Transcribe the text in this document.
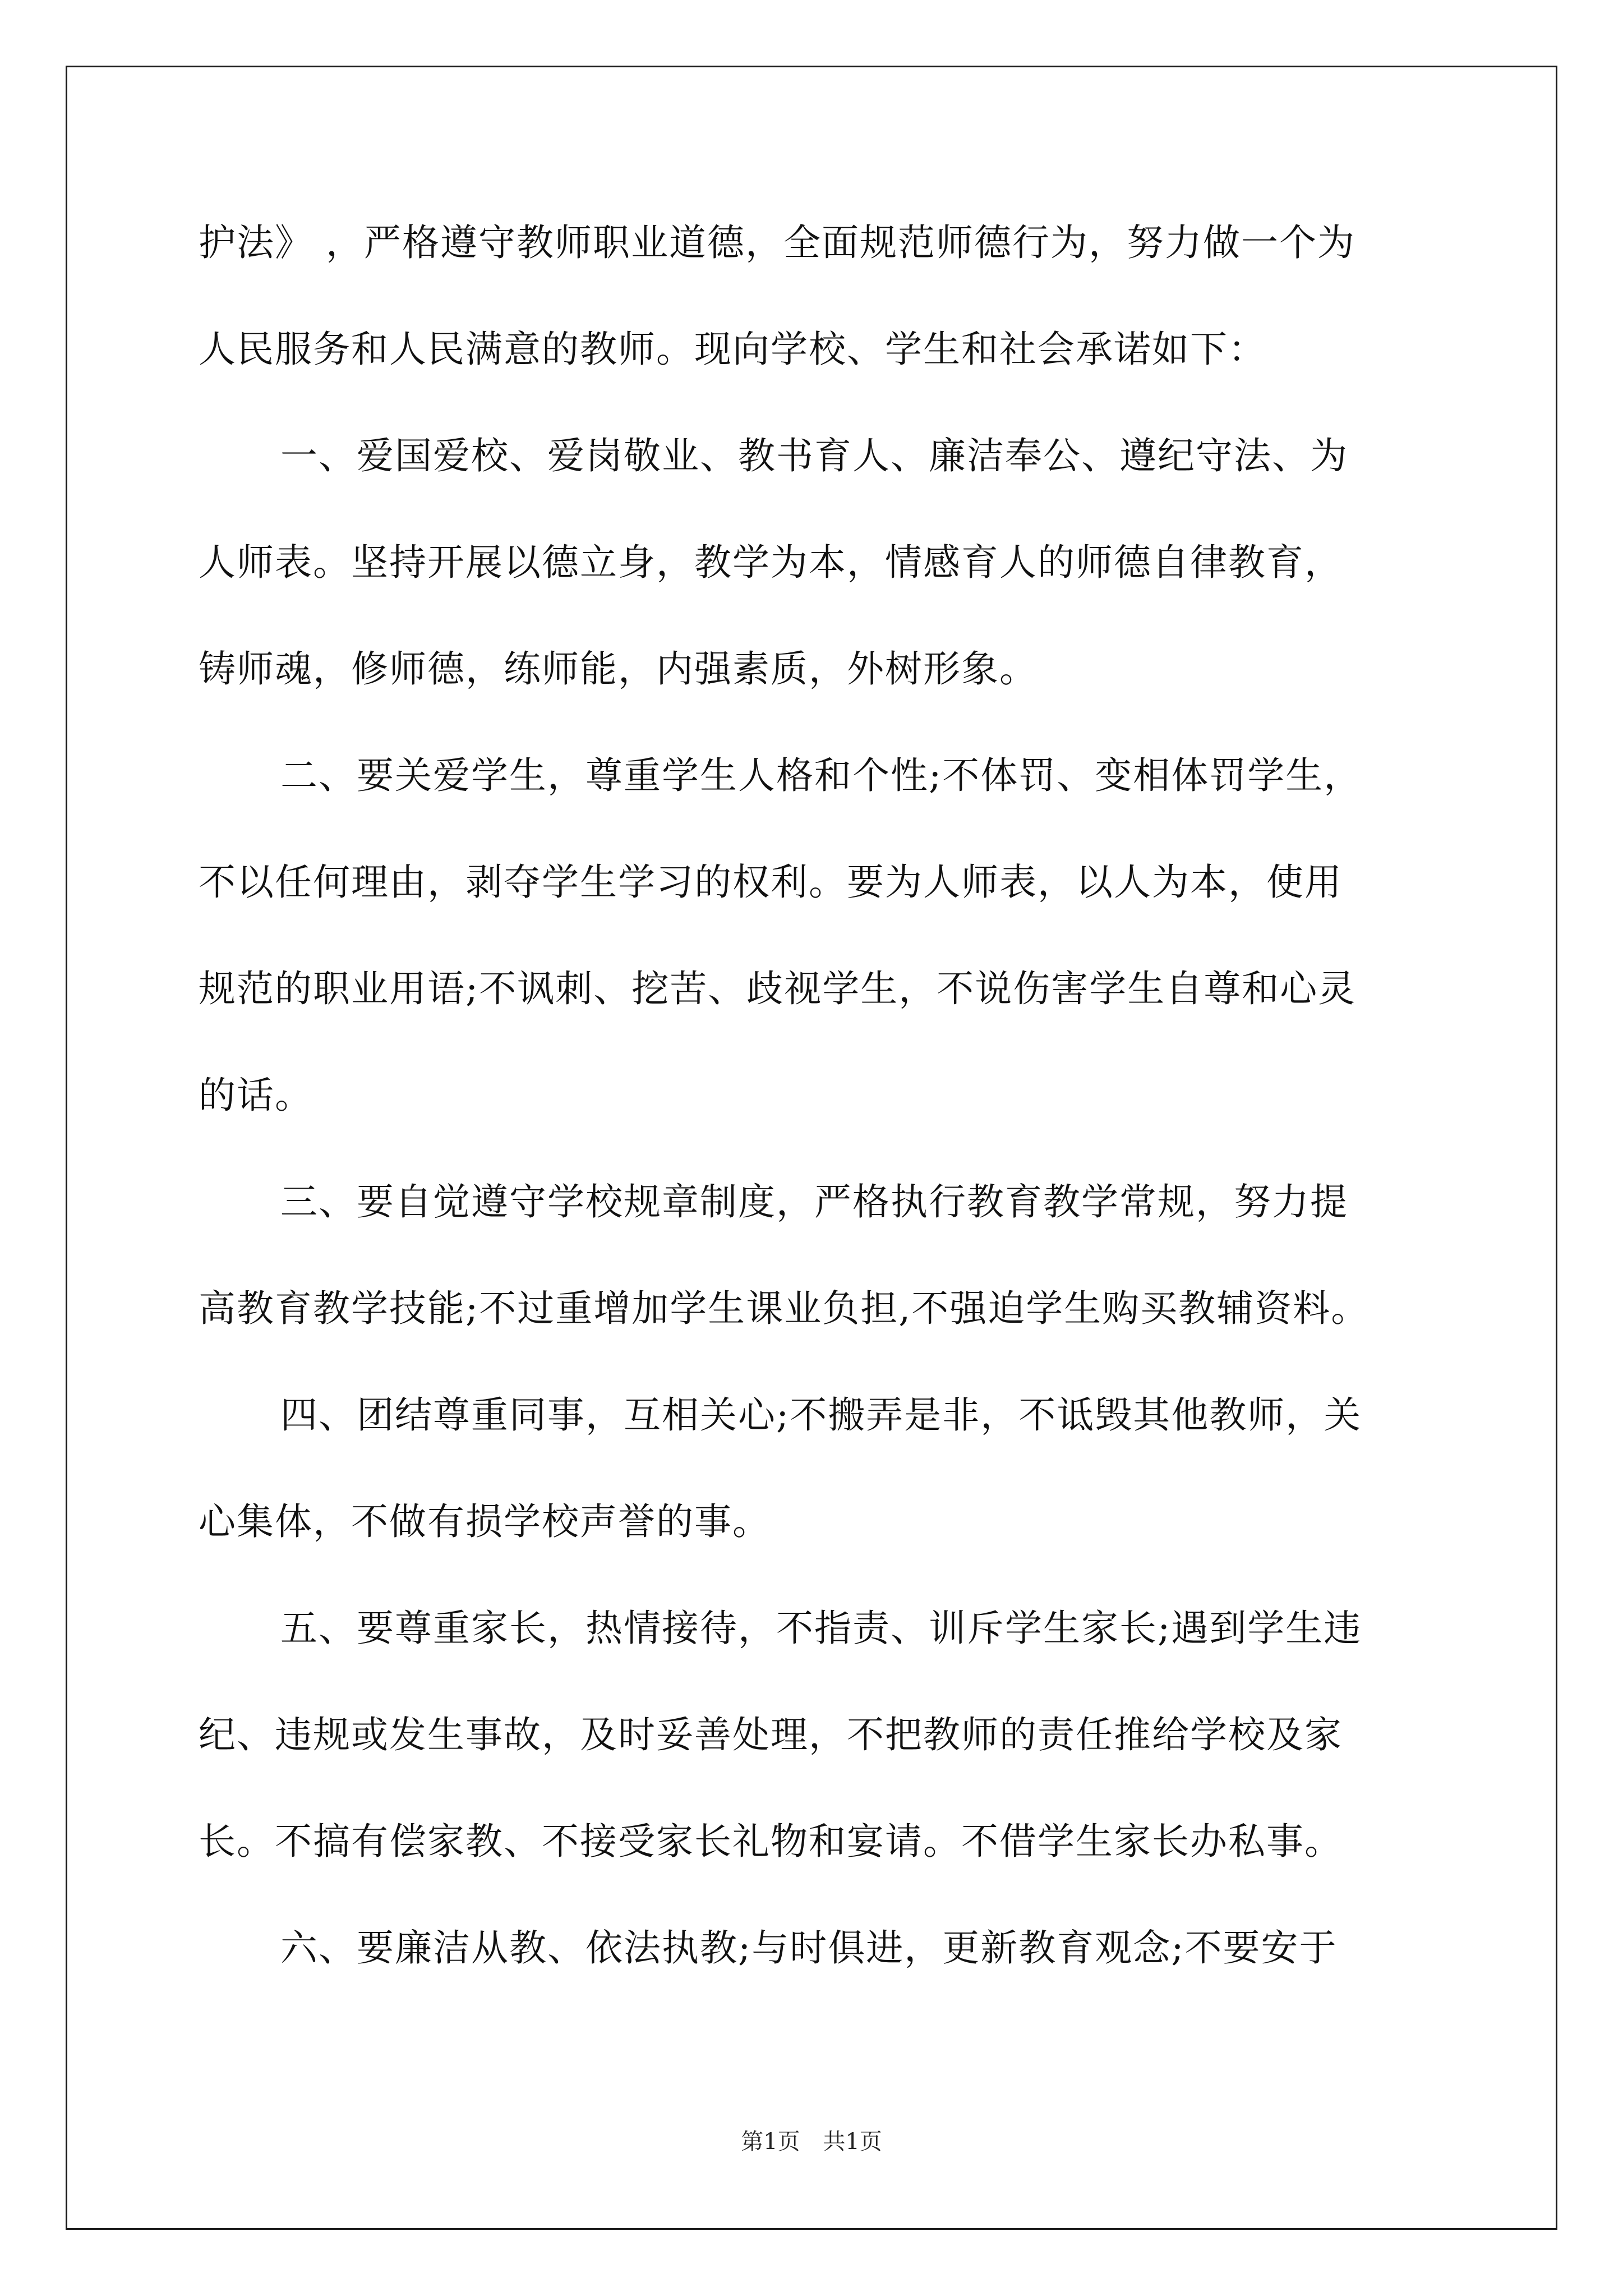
护法》 ，严格遵守教师职业道德，全面规范师德行为，努力做一个为
人民服务和人民满意的教师。现向学校、学生和社会承诺如下：
一、爱国爱校、爱岗敬业、教书育人、廉洁奉公、遵纪守法、为
人师表。坚持开展以德立身，教学为本，情感育人的师德自律教育，
铸师魂，修师德，练师能，内强素质，外树形象。
二、要关爱学生，尊重学生人格和个性;不体罚、变相体罚学生，
不以任何理由，剥夺学生学习的权利。要为人师表，以人为本，使用
规范的职业用语;不讽刺、挖苦、歧视学生，不说伤害学生自尊和心灵
的话。
三、要自觉遵守学校规章制度，严格执行教育教学常规，努力提
高教育教学技能;不过重增加学生课业负担,不强迫学生购买教辅资料。
四、团结尊重同事，互相关心;不搬弄是非，不诋毁其他教师，关
心集体，不做有损学校声誉的事。
五、要尊重家长，热情接待，不指责、训斥学生家长;遇到学生违
纪、违规或发生事故，及时妥善处理，不把教师的责任推给学校及家
长。不搞有偿家教、不接受家长礼物和宴请。不借学生家长办私事。
六、要廉洁从教、依法执教;与时俱进，更新教育观念;不要安于
第1页 共1页
